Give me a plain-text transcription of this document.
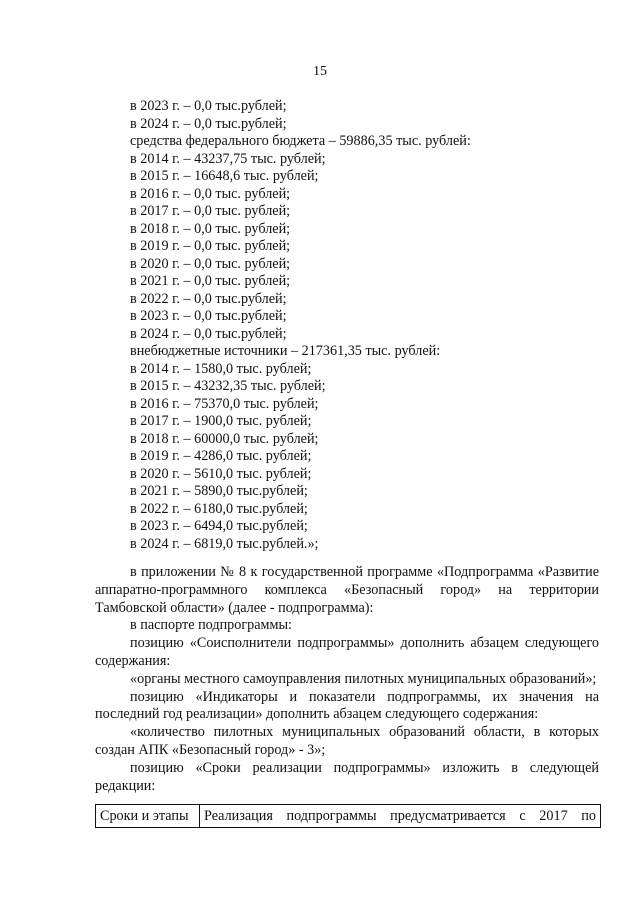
15
в 2023 г. – 0,0 тыс.рублей;
в 2024 г. – 0,0 тыс.рублей;
средства федерального бюджета – 59886,35 тыс. рублей:
в 2014 г. – 43237,75 тыс. рублей;
в 2015 г. – 16648,6 тыс. рублей;
в 2016 г. – 0,0 тыс. рублей;
в 2017 г. – 0,0 тыс. рублей;
в 2018 г. – 0,0 тыс. рублей;
в 2019 г. – 0,0 тыс. рублей;
в 2020 г. – 0,0 тыс. рублей;
в 2021 г. – 0,0 тыс. рублей;
в 2022 г. – 0,0 тыс.рублей;
в 2023 г. – 0,0 тыс.рублей;
в 2024 г. – 0,0 тыс.рублей;
внебюджетные источники – 217361,35 тыс. рублей:
в 2014 г. – 1580,0 тыс. рублей;
в 2015 г. – 43232,35 тыс. рублей;
в 2016 г. – 75370,0 тыс. рублей;
в 2017 г. – 1900,0 тыс. рублей;
в 2018 г. – 60000,0 тыс. рублей;
в 2019 г. – 4286,0 тыс. рублей;
в 2020 г. – 5610,0 тыс. рублей;
в 2021 г. – 5890,0 тыс.рублей;
в 2022 г. – 6180,0 тыс.рублей;
в 2023 г. – 6494,0 тыс.рублей;
в 2024 г. – 6819,0 тыс.рублей.»;

в приложении № 8 к государственной программе «Подпрограмма «Развитие аппаратно-программного комплекса «Безопасный город» на территории Тамбовской области» (далее - подпрограмма):

в паспорте подпрограммы:

позицию «Соисполнители подпрограммы» дополнить абзацем следующего содержания:

«органы местного самоуправления пилотных муниципальных образований»;

позицию «Индикаторы и показатели подпрограммы, их значения на последний год реализации» дополнить абзацем следующего содержания:

«количество пилотных муниципальных образований области, в которых создан АПК «Безопасный город» - 3»;

позицию «Сроки реализации подпрограммы» изложить в следующей редакции:

Сроки и этапы	Реализация подпрограммы предусматривается с 2017 по
